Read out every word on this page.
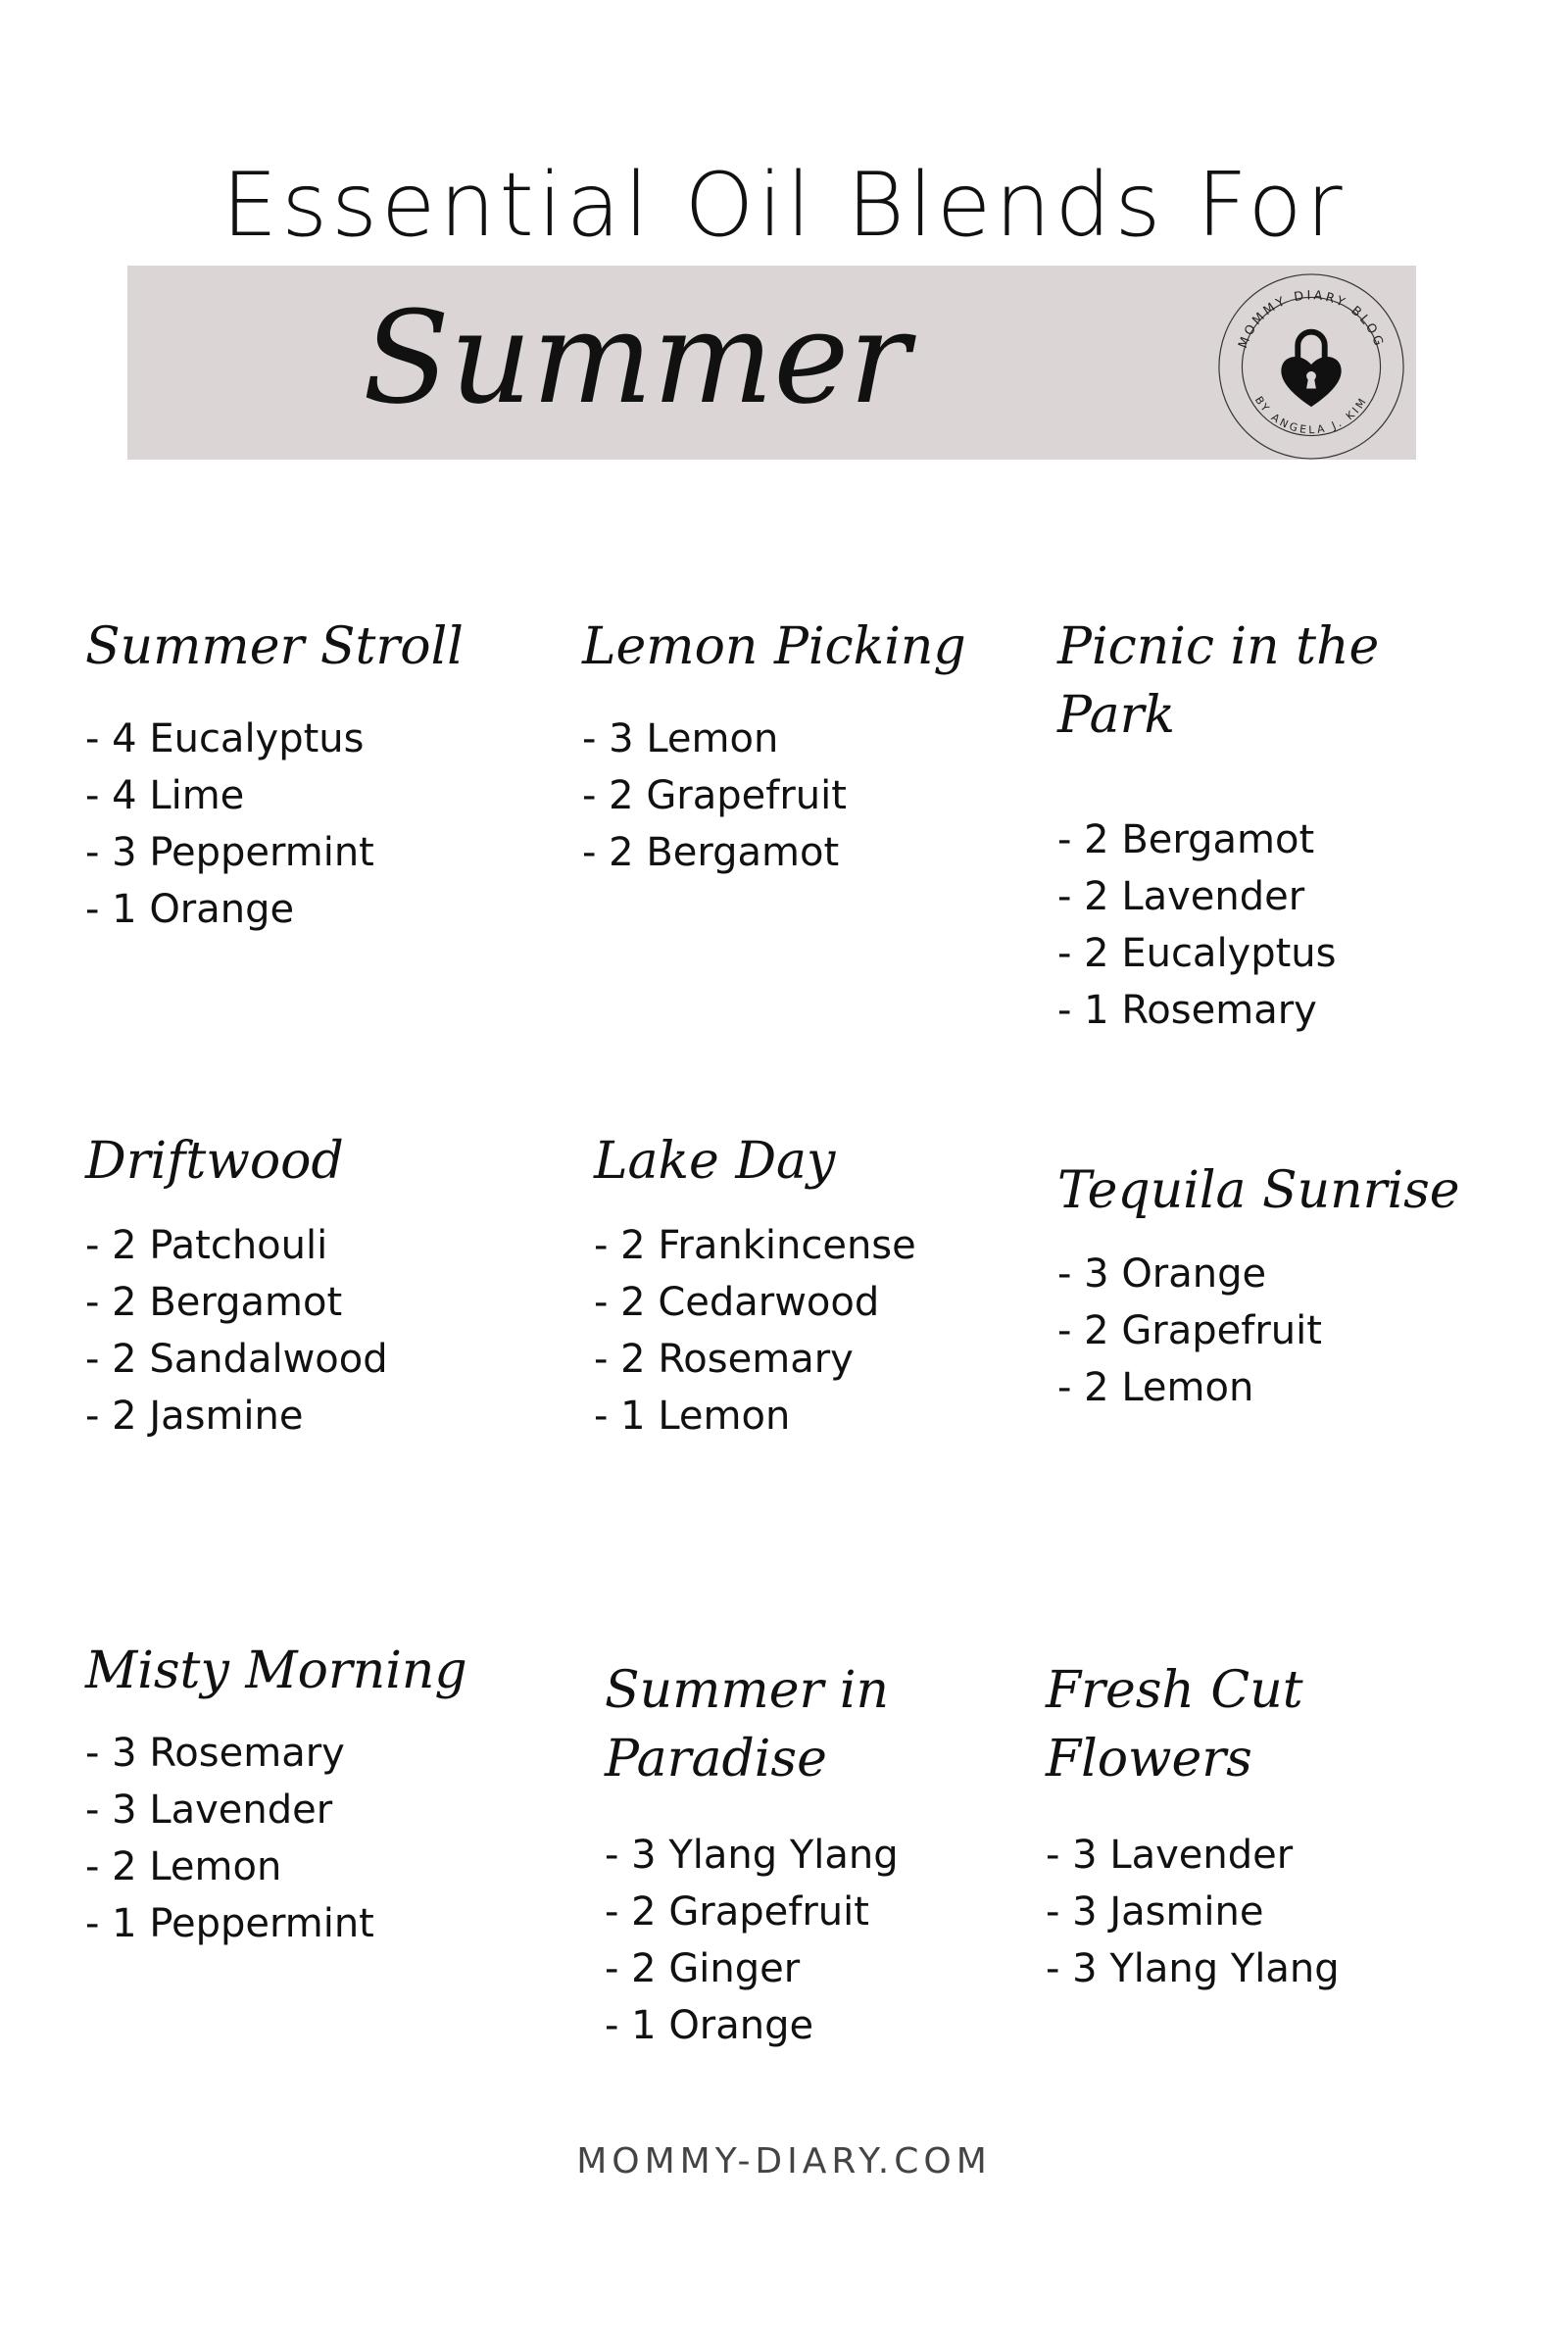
Essential Oil Blends For
Summer	MOMMY DIARY BLOG
BY ANGELA J. KIM
Summer Stroll
- 4 Eucalyptus
- 4 Lime
- 3 Peppermint
- 1 Orange
Lemon Picking
- 3 Lemon
- 2 Grapefruit
- 2 Bergamot
Picnic in the Park
- 2 Bergamot
- 2 Lavender
- 2 Eucalyptus
- 1 Rosemary
Driftwood
- 2 Patchouli
- 2 Bergamot
- 2 Sandalwood
- 2 Jasmine
Lake Day
- 2 Frankincense
- 2 Cedarwood
- 2 Rosemary
- 1 Lemon
Tequila Sunrise
- 3 Orange
- 2 Grapefruit
- 2 Lemon
Misty Morning
- 3 Rosemary
- 3 Lavender
- 2 Lemon
- 1 Peppermint
Summer in Paradise
- 3 Ylang Ylang
- 2 Grapefruit
- 2 Ginger
- 1 Orange
Fresh Cut Flowers
- 3 Lavender
- 3 Jasmine
- 3 Ylang Ylang
MOMMY-DIARY.COM
